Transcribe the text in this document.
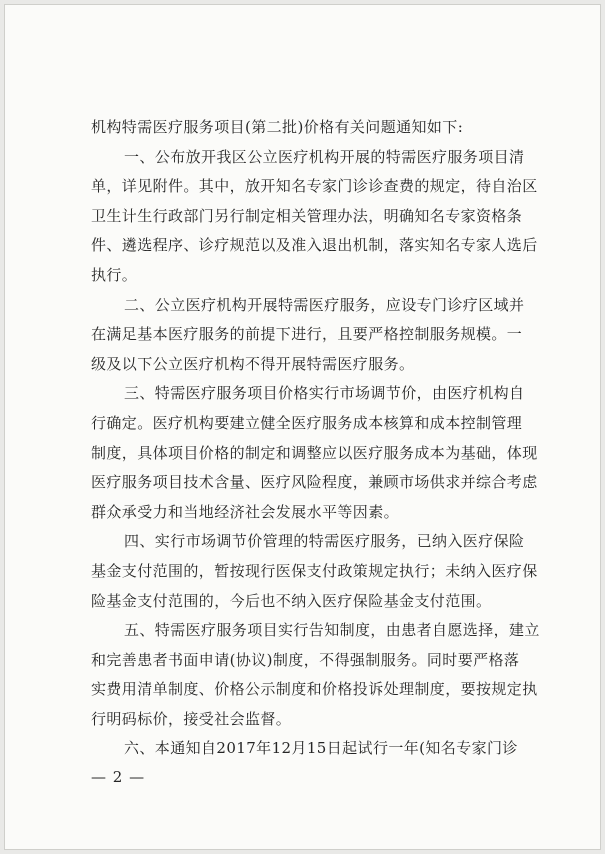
机构特需医疗服务项目(第二批)价格有关问题通知如下:
一、公布放开我区公立医疗机构开展的特需医疗服务项目清
单，详见附件。其中，放开知名专家门诊诊查费的规定，待自治区
卫生计生行政部门另行制定相关管理办法，明确知名专家资格条
件、遴选程序、诊疗规范以及准入退出机制，落实知名专家人选后
执行。
二、公立医疗机构开展特需医疗服务，应设专门诊疗区域并
在满足基本医疗服务的前提下进行，且要严格控制服务规模。一
级及以下公立医疗机构不得开展特需医疗服务。
三、特需医疗服务项目价格实行市场调节价，由医疗机构自
行确定。医疗机构要建立健全医疗服务成本核算和成本控制管理
制度，具体项目价格的制定和调整应以医疗服务成本为基础，体现
医疗服务项目技术含量、医疗风险程度，兼顾市场供求并综合考虑
群众承受力和当地经济社会发展水平等因素。
四、实行市场调节价管理的特需医疗服务，已纳入医疗保险
基金支付范围的，暂按现行医保支付政策规定执行；未纳入医疗保
险基金支付范围的，今后也不纳入医疗保险基金支付范围。
五、特需医疗服务项目实行告知制度，由患者自愿选择，建立
和完善患者书面申请(协议)制度，不得强制服务。同时要严格落
实费用清单制度、价格公示制度和价格投诉处理制度，要按规定执
行明码标价，接受社会监督。
六、本通知自2017年12月15日起试行一年(知名专家门诊
— 2 —
